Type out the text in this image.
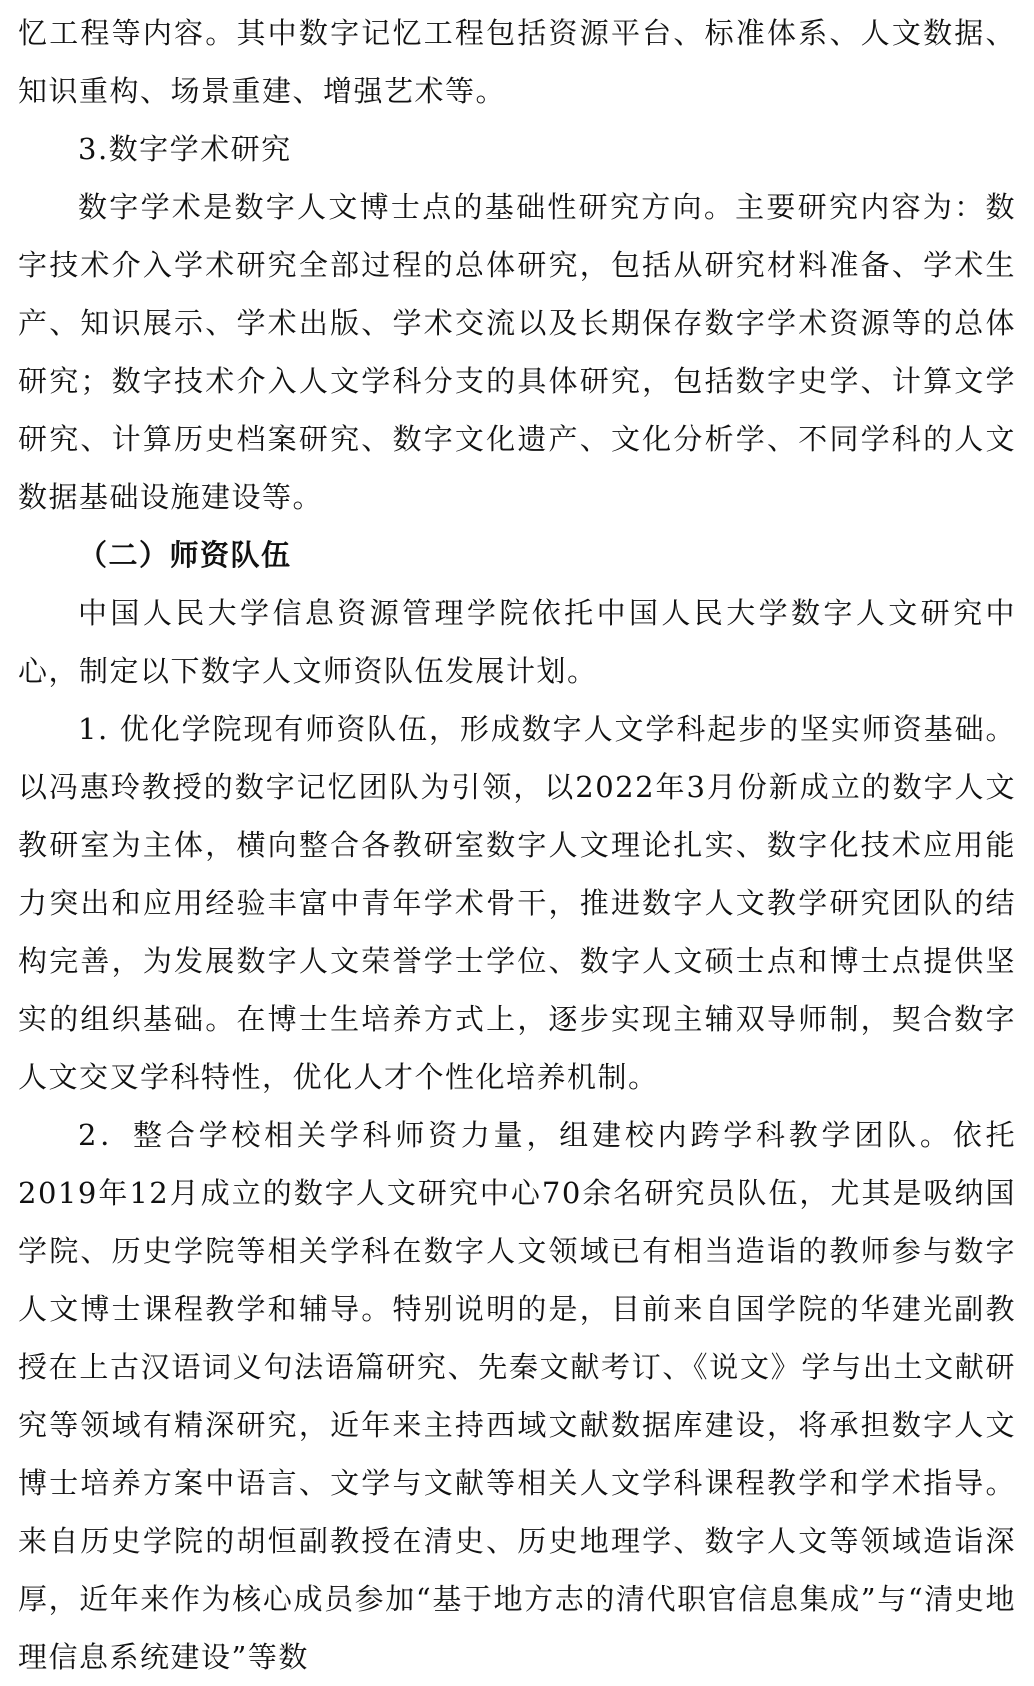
忆工程等内容。其中数字记忆工程包括资源平台、标准体系、人文数据、知识重构、场景重建、增强艺术等。

3.数字学术研究

数字学术是数字人文博士点的基础性研究方向。主要研究内容为：数字技术介入学术研究全部过程的总体研究，包括从研究材料准备、学术生产、知识展示、学术出版、学术交流以及长期保存数字学术资源等的总体研究；数字技术介入人文学科分支的具体研究，包括数字史学、计算文学研究、计算历史档案研究、数字文化遗产、文化分析学、不同学科的人文数据基础设施建设等。

（二）师资队伍

中国人民大学信息资源管理学院依托中国人民大学数字人文研究中心，制定以下数字人文师资队伍发展计划。

1. 优化学院现有师资队伍，形成数字人文学科起步的坚实师资基础。以冯惠玲教授的数字记忆团队为引领，以2022年3月份新成立的数字人文教研室为主体，横向整合各教研室数字人文理论扎实、数字化技术应用能力突出和应用经验丰富中青年学术骨干，推进数字人文教学研究团队的结构完善，为发展数字人文荣誉学士学位、数字人文硕士点和博士点提供坚实的组织基础。在博士生培养方式上，逐步实现主辅双导师制，契合数字人文交叉学科特性，优化人才个性化培养机制。

2．整合学校相关学科师资力量，组建校内跨学科教学团队。依托2019年12月成立的数字人文研究中心70余名研究员队伍，尤其是吸纳国学院、历史学院等相关学科在数字人文领域已有相当造诣的教师参与数字人文博士课程教学和辅导。特别说明的是，目前来自国学院的华建光副教授在上古汉语词义句法语篇研究、先秦文献考订、《说文》学与出土文献研究等领域有精深研究，近年来主持西域文献数据库建设，将承担数字人文博士培养方案中语言、文学与文献等相关人文学科课程教学和学术指导。来自历史学院的胡恒副教授在清史、历史地理学、数字人文等领域造诣深厚，近年来作为核心成员参加“基于地方志的清代职官信息集成”与“清史地理信息系统建设”等数
